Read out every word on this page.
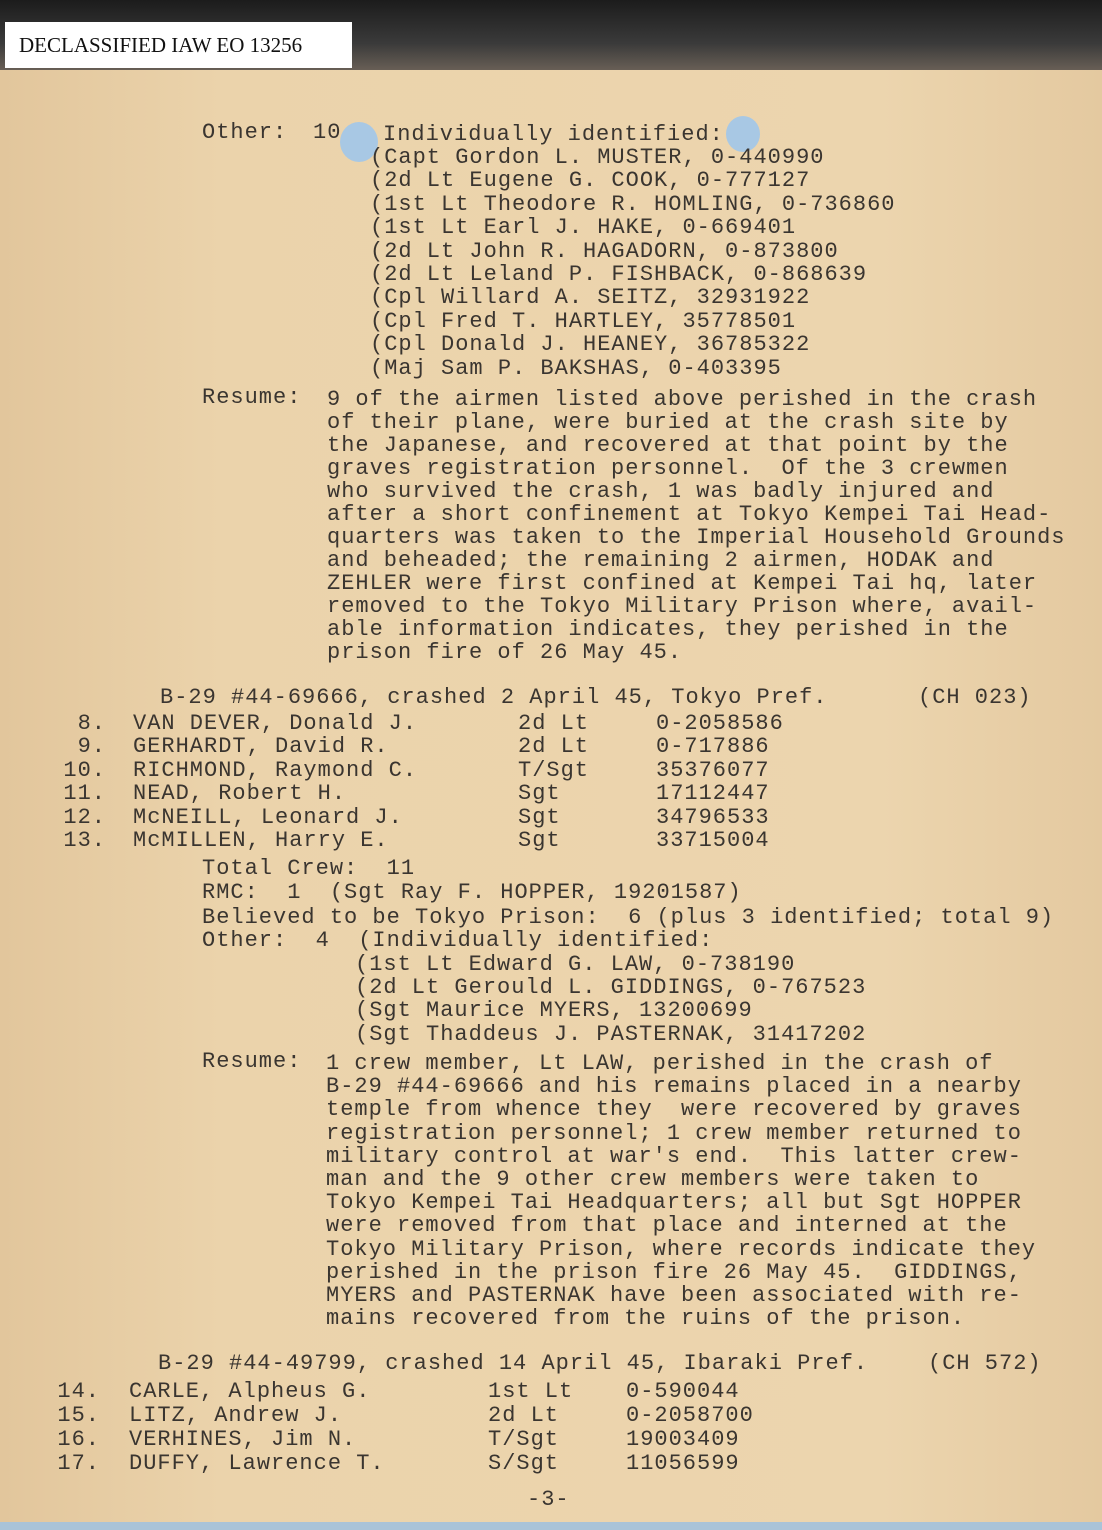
DECLASSIFIED IAW EO 13256
Other: 10 Individually identified:
(Capt Gordon L. MUSTER, 0-440990
(2d Lt Eugene G. COOK, 0-777127
(1st Lt Theodore R. HOMLING, 0-736860
(1st Lt Earl J. HAKE, 0-669401
(2d Lt John R. HAGADORN, 0-873800
(2d Lt Leland P. FISHBACK, 0-868639
(Cpl Willard A. SEITZ, 32931922
(Cpl Fred T. HARTLEY, 35778501
(Cpl Donald J. HEANEY, 36785322
(Maj Sam P. BAKSHAS, 0-403395
Resume: 9 of the airmen listed above perished in the crash
of their plane, were buried at the crash site by
the Japanese, and recovered at that point by the
graves registration personnel.  Of the 3 crewmen
who survived the crash, 1 was badly injured and
after a short confinement at Tokyo Kempei Tai Head-
quarters was taken to the Imperial Household Grounds
and beheaded; the remaining 2 airmen, HODAK and
ZEHLER were first confined at Kempei Tai hq, later
removed to the Tokyo Military Prison where, avail-
able information indicates, they perished in the
prison fire of 26 May 45.
B-29 #44-69666, crashed 2 April 45, Tokyo Pref.	(CH 023)
8. VAN DEVER, Donald J.	2d Lt	0-2058586
9. GERHARDT, David R.	2d Lt	0-717886
10. RICHMOND, Raymond C.	T/Sgt	35376077
11. NEAD, Robert H.	Sgt	17112447
12. McNEILL, Leonard J.	Sgt	34796533
13. McMILLEN, Harry E.	Sgt	33715004
Total Crew:  11
RMC:  1  (Sgt Ray F. HOPPER, 19201587)
Believed to be Tokyo Prison:  6 (plus 3 identified; total 9)
Other:  4  (Individually identified:
(1st Lt Edward G. LAW, 0-738190
(2d Lt Gerould L. GIDDINGS, 0-767523
(Sgt Maurice MYERS, 13200699
(Sgt Thaddeus J. PASTERNAK, 31417202
Resume: 1 crew member, Lt LAW, perished in the crash of
B-29 #44-69666 and his remains placed in a nearby
temple from whence they  were recovered by graves
registration personnel; 1 crew member returned to
military control at war's end.  This latter crew-
man and the 9 other crew members were taken to
Tokyo Kempei Tai Headquarters; all but Sgt HOPPER
were removed from that place and interned at the
Tokyo Military Prison, where records indicate they
perished in the prison fire 26 May 45.  GIDDINGS,
MYERS and PASTERNAK have been associated with re-
mains recovered from the ruins of the prison.
B-29 #44-49799, crashed 14 April 45, Ibaraki Pref.	(CH 572)
14. CARLE, Alpheus G.	1st Lt 0-590044
15. LITZ, Andrew J.	2d Lt	0-2058700
16. VERHINES, Jim N.	T/Sgt	19003409
17. DUFFY, Lawrence T.	S/Sgt	11056599
-3-
